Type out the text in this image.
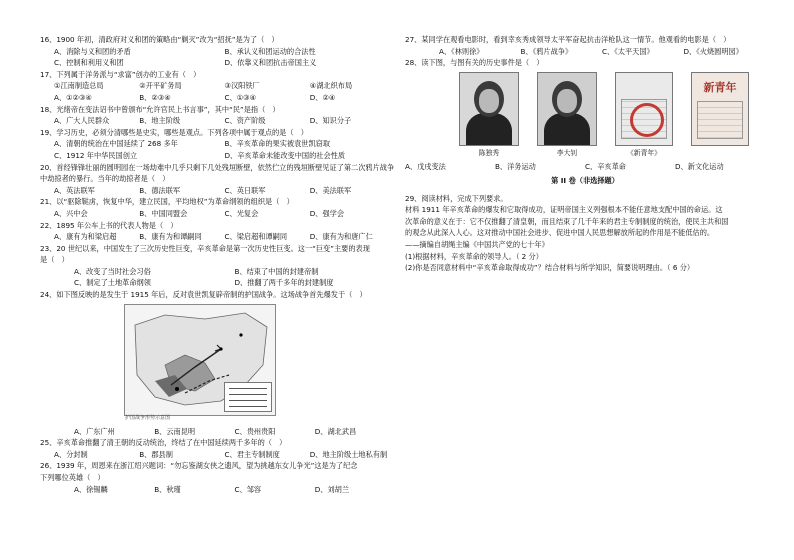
16、1900 年初，清政府对义和团的策略由“剿灭”改为“招抚”是为了（　）
A、消除与义和团的矛盾	B、承认义和团运动的合法性
C、控制和利用义和团	D、依靠义和团抗击帝国主义
17、下列属于洋务派与“求富”创办的工业有（　）
①江南制造总局	②开平矿务局	③汉阳铁厂	④湖北织布局
A、①②③④	B、②③④	C、①③④	D、②④
18、光绪帝在变法诏书中曾颁布“允许官民上书言事”，其中“民”是指（　）
A、广大人民群众	B、地主阶级	C、资产阶级	D、知识分子
19、学习历史，必须分清哪些是史实，哪些是观点。下列各项中属于观点的是（　）
A、清朝的统治在中国延续了 268 多年	B、辛亥革命的果实被袁世凯窃取
C、1912 年中华民国创立	D、辛亥革命未能改变中国的社会性质
20、首经锋锋壮丽的圆明园在一场劫难中几乎只剩下几处残垣断壁，依然伫立的残垣断壁见证了第二次鸦片战争
中劫掠者的暴行。当年的劫掠者是（　）
A、英法联军	B、德法联军	C、英日联军	D、美法联军
21、以“驱除鞑虏，恢复中华，建立民国，平均地权”为革命纲领的组织是（　）
A、兴中会	B、中国同盟会	C、光复会	D、强学会
22、1895 年公车上书的代表人物是（　）
A、康有为和梁启超	B、康有为和谭嗣同	C、梁启超和谭嗣同	D、康有为和唐广仁
23、20 世纪以来，中国发生了三次历史性巨变，辛亥革命是第一次历史性巨变。这一“巨变”主要的表现
是（　）
A、改变了当时社会习俗	B、结束了中国的封建帝制
C、制定了土地革命纲领	D、推翻了两千多年的封建制度
24、如下图反映的是发生于 1915 年后，反对袁世凯复辟帝制的护国战争。这场战争首先爆发于（　）
护国战争形势示意图
A、广东广州	B、云南昆明	C、贵州贵阳	D、湖北武昌
25、辛亥革命推翻了清王朝的反动统治，终结了在中国延续两千多年的（　）
A、分封制	B、郡县制	C、君主专制制度	D、地主阶级土地私有制
26、1939 年，周恩来在浙江绍兴题词：“勿忘鉴湖女侠之遗风，望为挑越东女儿争光”这是为了纪念
下列哪位英雄（　）
A、徐锡麟	B、秋瑾	C、邹容	D、刘胡兰
27、某同学在观看电影时，看到幸亥秀成领导太平军奋起抗击洋枪队这一情节。他观看的电影是（　）
A、《林则徐》	B、《鸦片战争》	C、《太平天国》	D、《火烧圆明园》
28、读下图，与图有关的历史事件是（　）
陈独秀	李大钊	《新青年》
新青年

A、戊戌变法	B、洋务运动	C、辛亥革命	D、新文化运动
第 II 卷（非选择题）
29、阅读材料，完成下列要求。
材料 1911 年辛亥革命的爆发和它取得成功，证明帝国主义列强根本不能任意地支配中国的命运。这
次革命的意义在于：它不仅推翻了清皇朝，而且结束了几千年来的君主专制制度的统治，使民主共和国
的观念从此深入人心。这对推动中国社会进步、促进中国人民思想解放所起的作用是不能低估的。
——摘编自胡绳主编《中国共产党的七十年》
(1)根据材料，辛亥革命的领导人。（ 2 分）
(2)你是否同意材料中“辛亥革命取得成功”？结合材料与所学知识，简要说明理由。（ 6 分）
